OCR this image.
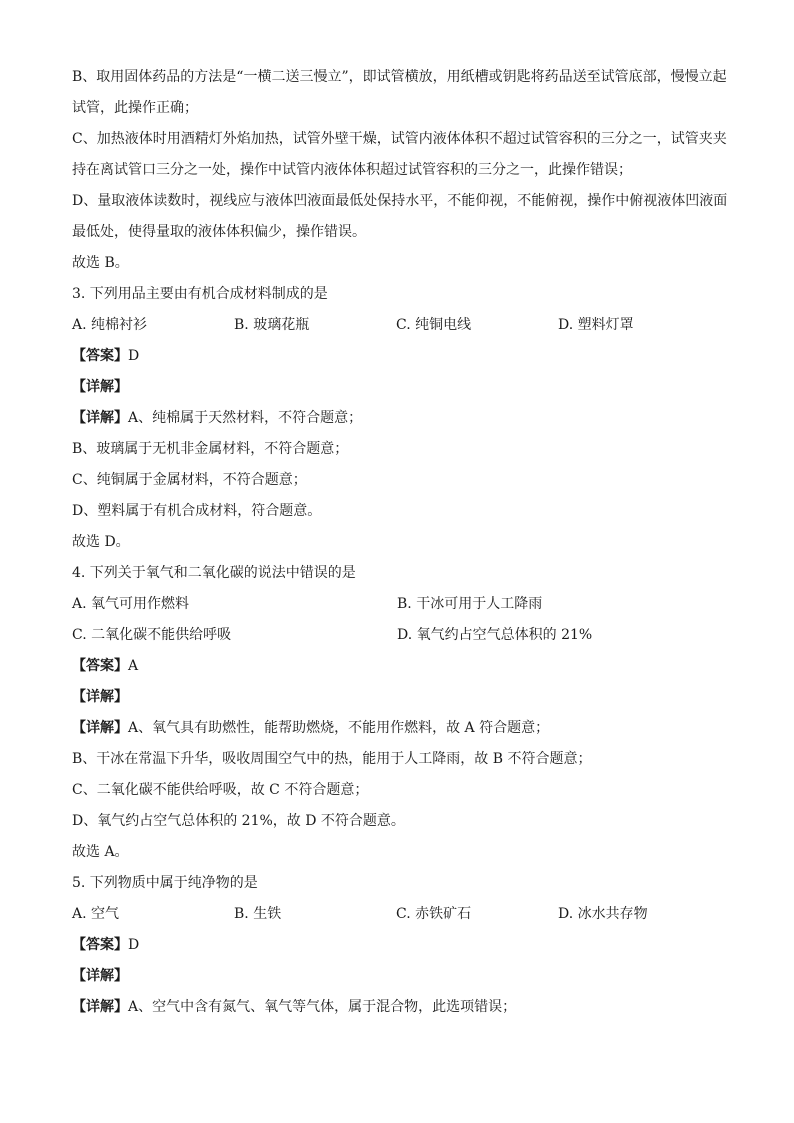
B、取用固体药品的方法是“一横二送三慢立”，即试管横放，用纸槽或钥匙将药品送至试管底部，慢慢立起
试管，此操作正确；
C、加热液体时用酒精灯外焰加热，试管外壁干燥，试管内液体体积不超过试管容积的三分之一，试管夹夹
持在离试管口三分之一处，操作中试管内液体体积超过试管容积的三分之一，此操作错误；
D、量取液体读数时，视线应与液体凹液面最低处保持水平，不能仰视，不能俯视，操作中俯视液体凹液面
最低处，使得量取的液体体积偏少，操作错误。
故选 B。
3. 下列用品主要由有机合成材料制成的是
A. 纯棉衬衫	B. 玻璃花瓶	C. 纯铜电线	D. 塑料灯罩
【答案】D
【详解】
【详解】A、纯棉属于天然材料，不符合题意；
B、玻璃属于无机非金属材料，不符合题意；
C、纯铜属于金属材料，不符合题意；
D、塑料属于有机合成材料，符合题意。
故选 D。
4. 下列关于氧气和二氧化碳的说法中错误的是
A. 氧气可用作燃料	B. 干冰可用于人工降雨
C. 二氧化碳不能供给呼吸	D. 氧气约占空气总体积的 21%
【答案】A
【详解】
【详解】A、氧气具有助燃性，能帮助燃烧，不能用作燃料，故 A 符合题意；
B、干冰在常温下升华，吸收周围空气中的热，能用于人工降雨，故 B 不符合题意；
C、二氧化碳不能供给呼吸，故 C 不符合题意；
D、氧气约占空气总体积的 21%，故 D 不符合题意。
故选 A。
5. 下列物质中属于纯净物的是
A. 空气	B. 生铁	C. 赤铁矿石	D. 冰水共存物
【答案】D
【详解】
【详解】A、空气中含有氮气、氧气等气体，属于混合物，此选项错误；
